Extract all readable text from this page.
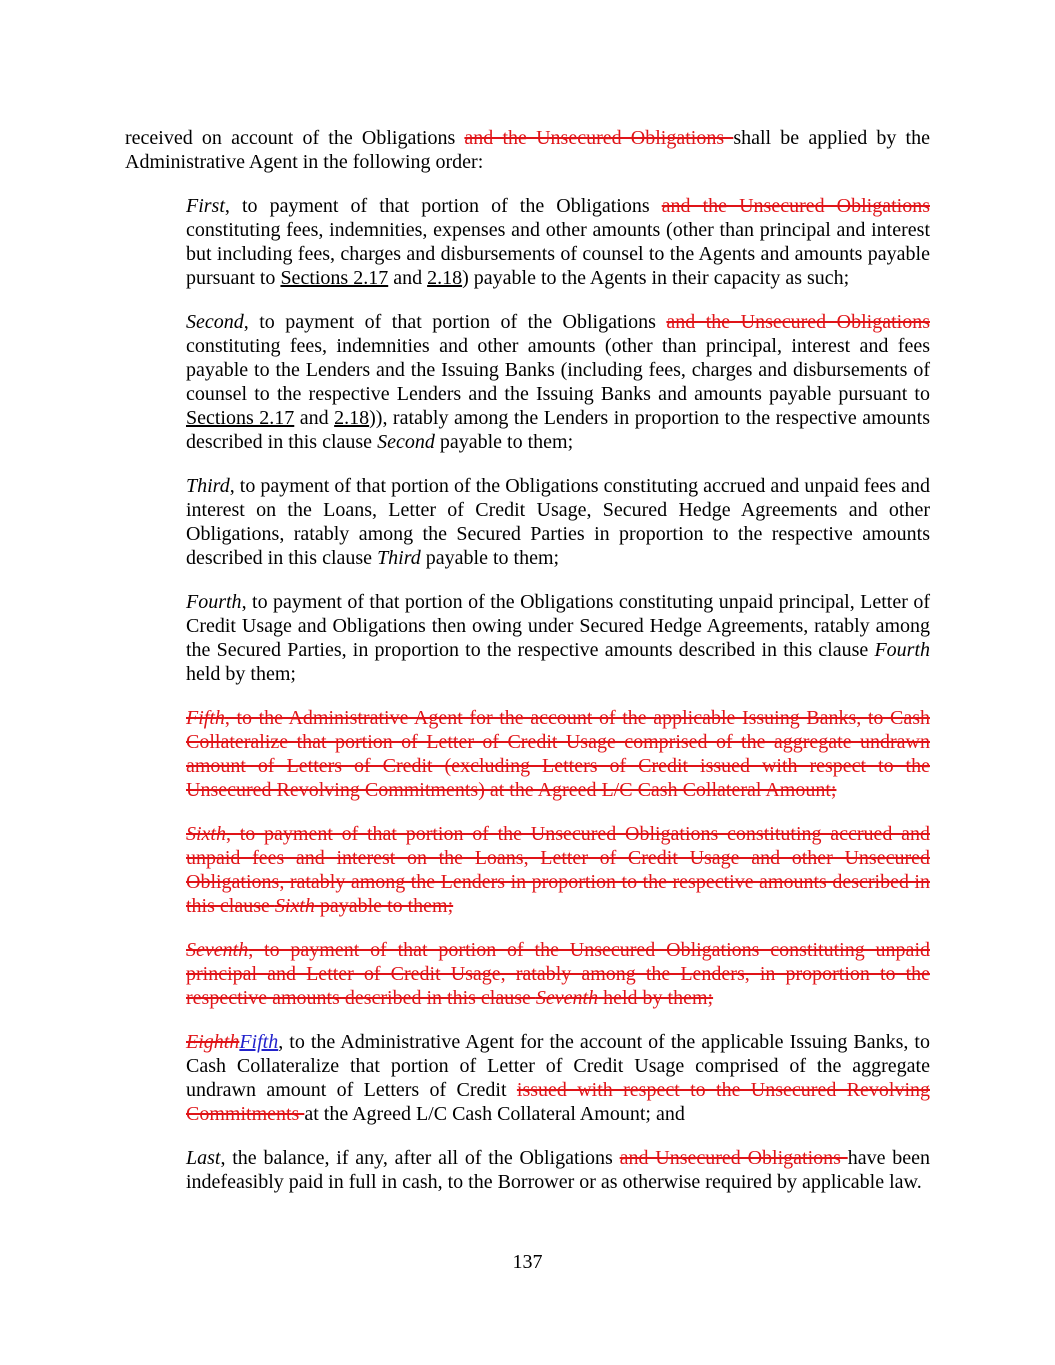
received on account of the Obligations and the Unsecured Obligations shall be applied by the Administrative Agent in the following order:

First, to payment of that portion of the Obligations and the Unsecured Obligations constituting fees, indemnities, expenses and other amounts (other than principal and interest but including fees, charges and disbursements of counsel to the Agents and amounts payable pursuant to Sections 2.17 and 2.18) payable to the Agents in their capacity as such;

Second, to payment of that portion of the Obligations and the Unsecured Obligations constituting fees, indemnities and other amounts (other than principal, interest and fees payable to the Lenders and the Issuing Banks (including fees, charges and disbursements of counsel to the respective Lenders and the Issuing Banks and amounts payable pursuant to Sections 2.17 and 2.18)), ratably among the Lenders in proportion to the respective amounts described in this clause Second payable to them;

Third, to payment of that portion of the Obligations constituting accrued and unpaid fees and interest on the Loans, Letter of Credit Usage, Secured Hedge Agreements and other Obligations, ratably among the Secured Parties in proportion to the respective amounts described in this clause Third payable to them;

Fourth, to payment of that portion of the Obligations constituting unpaid principal, Letter of Credit Usage and Obligations then owing under Secured Hedge Agreements, ratably among the Secured Parties, in proportion to the respective amounts described in this clause Fourth held by them;

Fifth, to the Administrative Agent for the account of the applicable Issuing Banks, to Cash Collateralize that portion of Letter of Credit Usage comprised of the aggregate undrawn amount of Letters of Credit (excluding Letters of Credit issued with respect to the Unsecured Revolving Commitments) at the Agreed L/C Cash Collateral Amount;

Sixth, to payment of that portion of the Unsecured Obligations constituting accrued and unpaid fees and interest on the Loans, Letter of Credit Usage and other Unsecured Obligations, ratably among the Lenders in proportion to the respective amounts described in this clause Sixth payable to them;

Seventh, to payment of that portion of the Unsecured Obligations constituting unpaid principal and Letter of Credit Usage, ratably among the Lenders, in proportion to the respective amounts described in this clause Seventh held by them;

EighthFifth, to the Administrative Agent for the account of the applicable Issuing Banks, to Cash Collateralize that portion of Letter of Credit Usage comprised of the aggregate undrawn amount of Letters of Credit issued with respect to the Unsecured Revolving Commitments at the Agreed L/C Cash Collateral Amount; and

Last, the balance, if any, after all of the Obligations and Unsecured Obligations have been indefeasibly paid in full in cash, to the Borrower or as otherwise required by applicable law.

137
